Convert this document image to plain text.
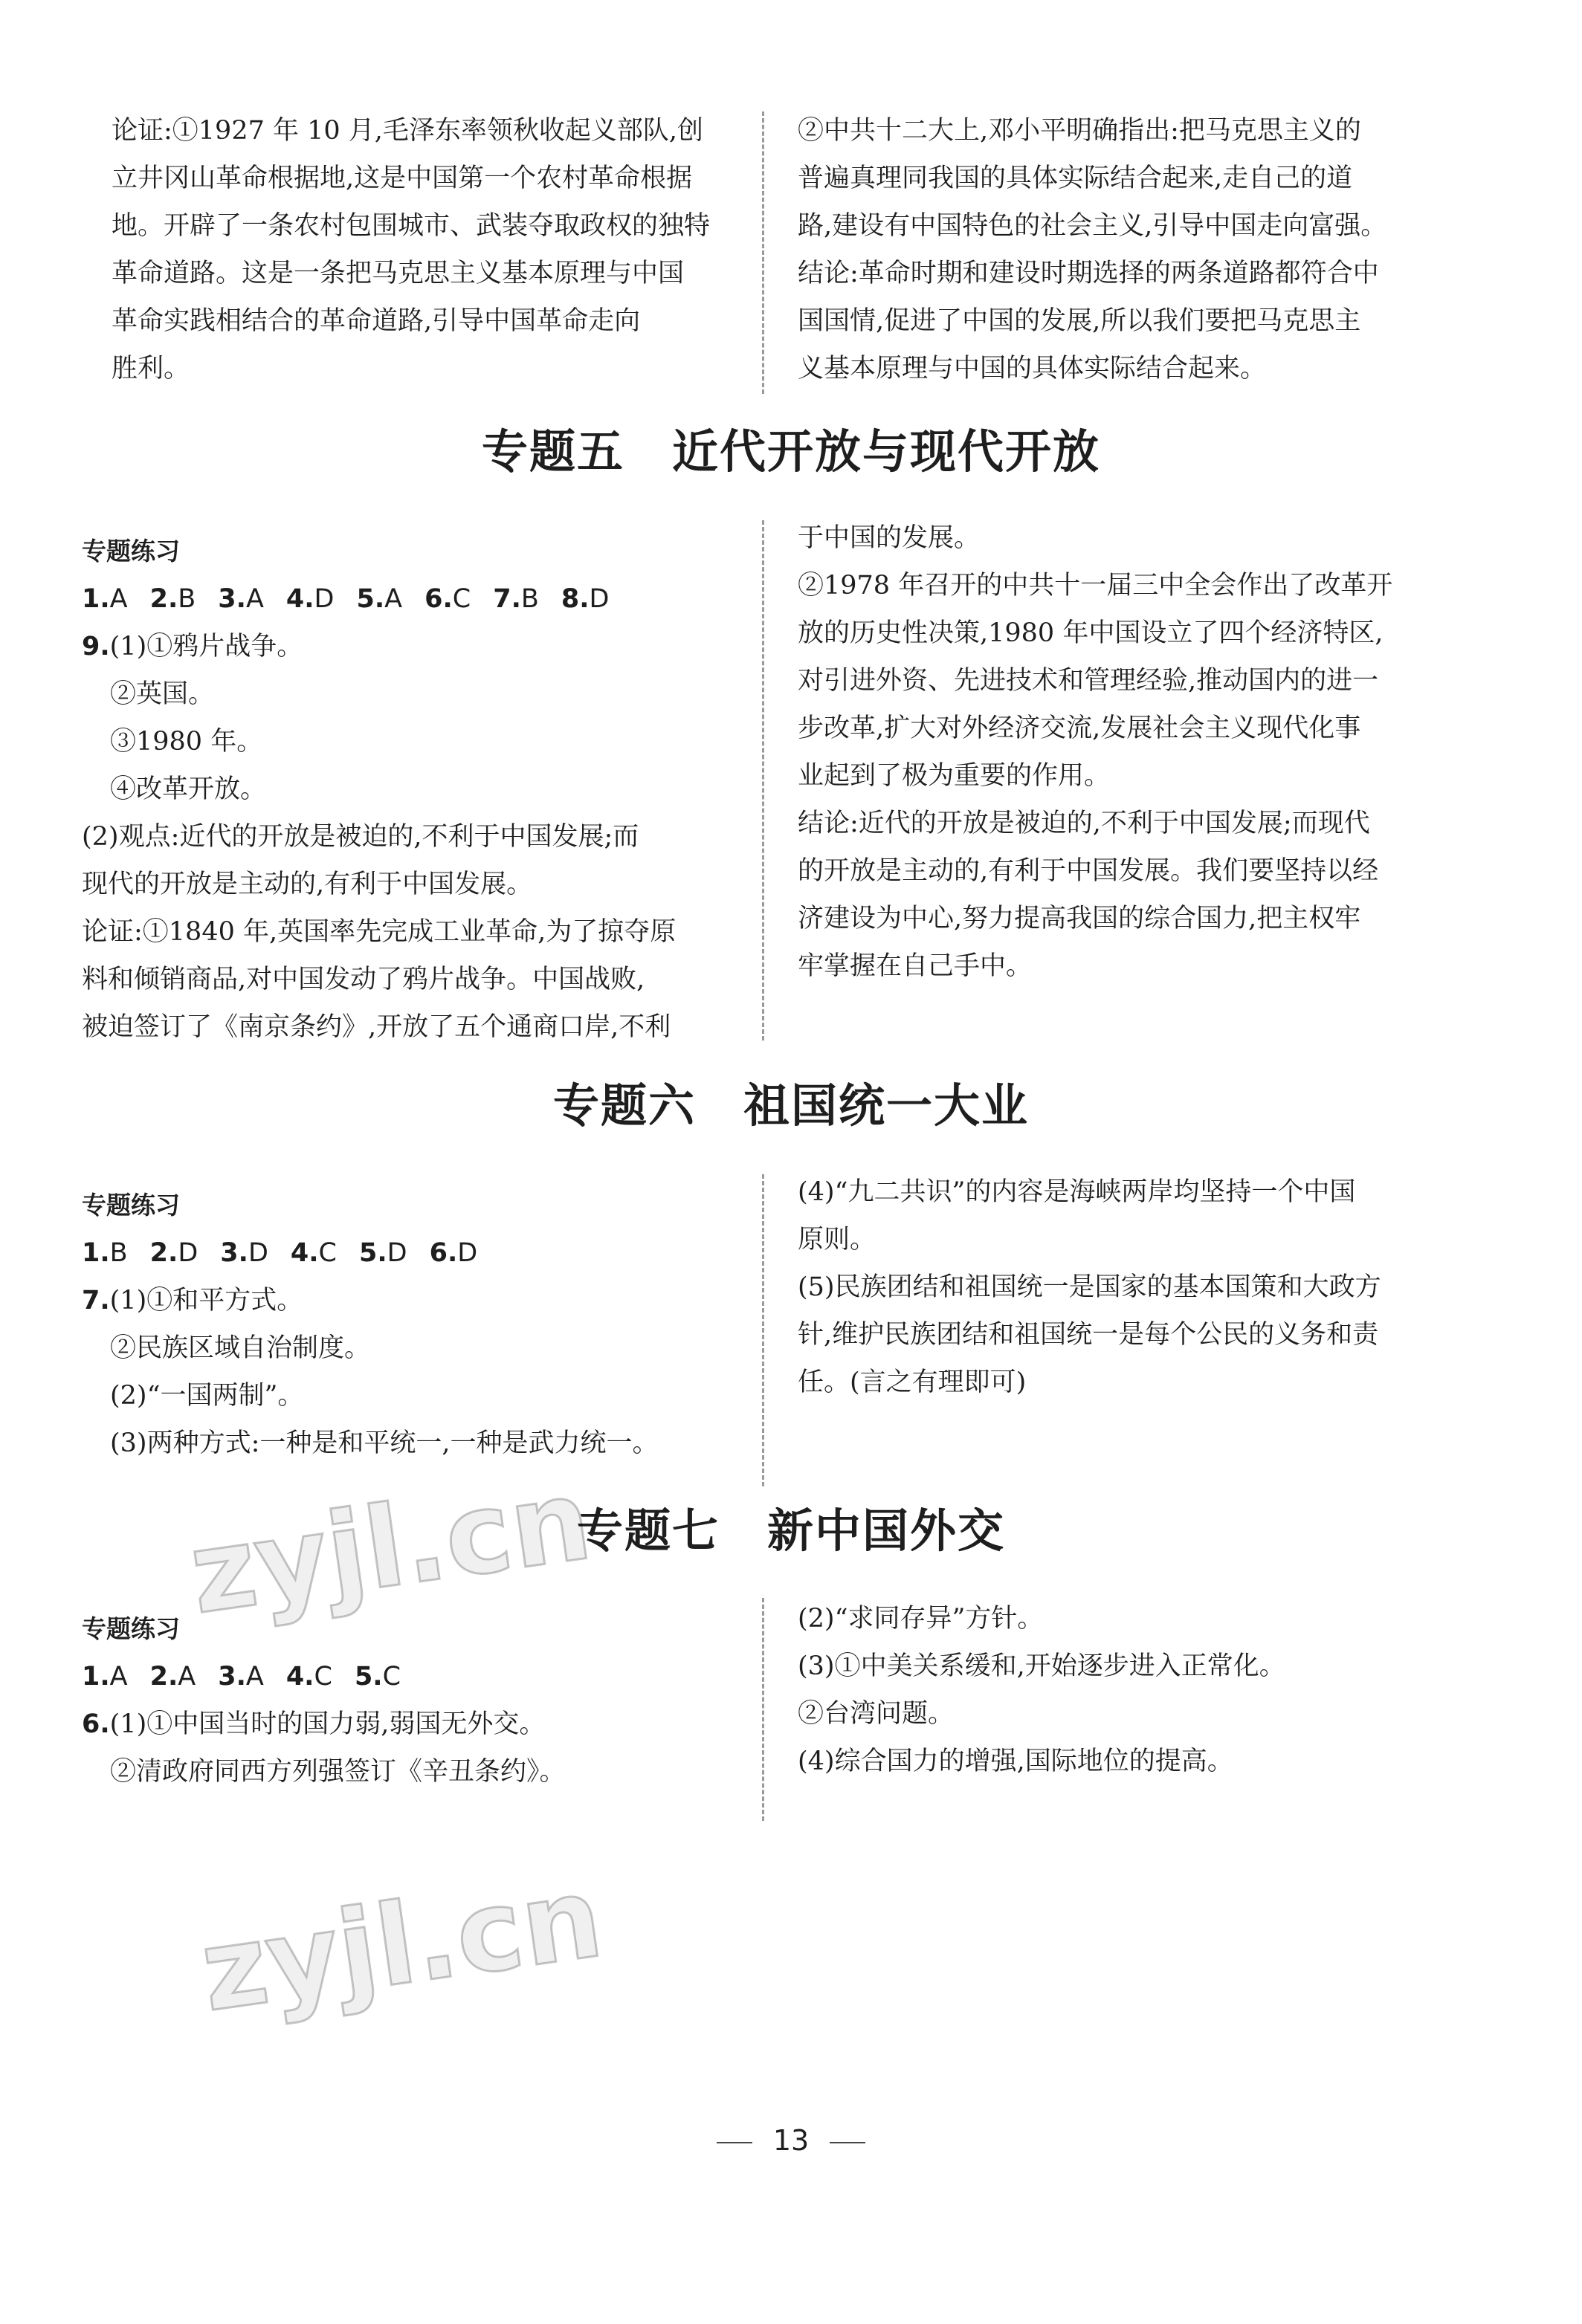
论证:①1927 年 10 月,毛泽东率领秋收起义部队,创

立井冈山革命根据地,这是中国第一个农村革命根据

地。开辟了一条农村包围城市、武装夺取政权的独特

革命道路。这是一条把马克思主义基本原理与中国

革命实践相结合的革命道路,引导中国革命走向

胜利。

②中共十二大上,邓小平明确指出:把马克思主义的

普遍真理同我国的具体实际结合起来,走自己的道

路,建设有中国特色的社会主义,引导中国走向富强。

结论:革命时期和建设时期选择的两条道路都符合中

国国情,促进了中国的发展,所以我们要把马克思主

义基本原理与中国的具体实际结合起来。

专题五　近代开放与现代开放

专题练习

1.A 2.B 3.A 4.D 5.A 6.C 7.B 8.D

9.(1)①鸦片战争。

②英国。

③1980 年。

④改革开放。

(2)观点:近代的开放是被迫的,不利于中国发展;而

现代的开放是主动的,有利于中国发展。

论证:①1840 年,英国率先完成工业革命,为了掠夺原

料和倾销商品,对中国发动了鸦片战争。中国战败,

被迫签订了《南京条约》,开放了五个通商口岸,不利

于中国的发展。

②1978 年召开的中共十一届三中全会作出了改革开

放的历史性决策,1980 年中国设立了四个经济特区,

对引进外资、先进技术和管理经验,推动国内的进一

步改革,扩大对外经济交流,发展社会主义现代化事

业起到了极为重要的作用。

结论:近代的开放是被迫的,不利于中国发展;而现代

的开放是主动的,有利于中国发展。我们要坚持以经

济建设为中心,努力提高我国的综合国力,把主权牢

牢掌握在自己手中。

专题六　祖国统一大业

专题练习

1.B 2.D 3.D 4.C 5.D 6.D

7.(1)①和平方式。

②民族区域自治制度。

(2)“一国两制”。

(3)两种方式:一种是和平统一,一种是武力统一。

(4)“九二共识”的内容是海峡两岸均坚持一个中国

原则。

(5)民族团结和祖国统一是国家的基本国策和大政方

针,维护民族团结和祖国统一是每个公民的义务和责

任。(言之有理即可)

专题七　新中国外交

专题练习

1.A 2.A 3.A 4.C 5.C

6.(1)①中国当时的国力弱,弱国无外交。

②清政府同西方列强签订《辛丑条约》。

(2)“求同存异”方针。

(3)①中美关系缓和,开始逐步进入正常化。

②台湾问题。

(4)综合国力的增强,国际地位的提高。

zyjl.cn
zyjl.cn
13
